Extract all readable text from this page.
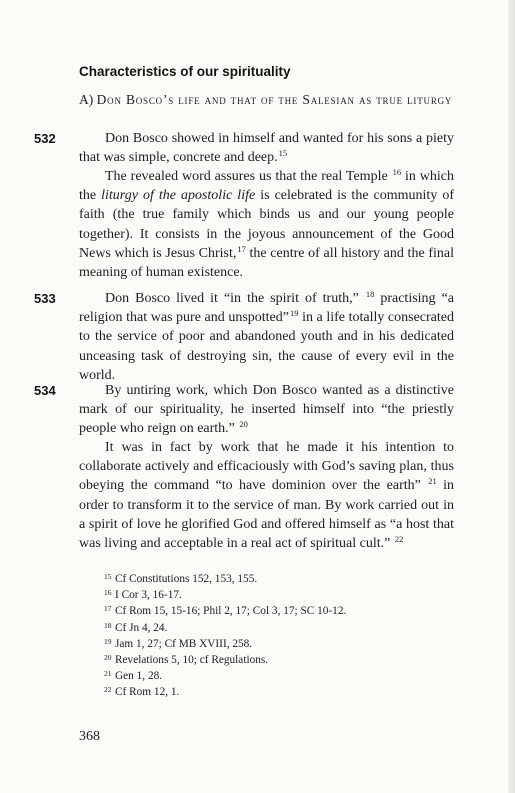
Characteristics of our spirituality
A) Don Bosco’s life and that of the Salesian as true liturgy
532	Don Bosco showed in himself and wanted for his sons a piety that was simple, concrete and deep.$^{15}$

The revealed word assures us that the real Temple $^{16}$ in which the liturgy of the apostolic life is celebrated is the community of faith (the true family which binds us and our young people together). It consists in the joyous announcement of the Good News which is Jesus Christ,$^{17}$ the centre of all history and the final meaning of human existence.

533	Don Bosco lived it “in the spirit of truth,” $^{18}$ practising “a religion that was pure and unspotted”$^{19}$ in a life totally consecrated to the service of poor and abandoned youth and in his dedicated unceasing task of destroying sin, the cause of every evil in the world.

534	By untiring work, which Don Bosco wanted as a distinctive mark of our spirituality, he inserted himself into “the priestly people who reign on earth.” $^{20}$

It was in fact by work that he made it his intention to collaborate actively and efficaciously with God’s saving plan, thus obeying the command “to have dominion over the earth” $^{21}$ in order to transform it to the service of man. By work carried out in a spirit of love he glorified God and offered himself as “a host that was living and acceptable in a real act of spiritual cult.” $^{22}$

15 Cf Constitutions 152, 153, 155.
16 I Cor 3, 16-17.
17 Cf Rom 15, 15-16; Phil 2, 17; Col 3, 17; SC 10-12.
18 Cf Jn 4, 24.
19 Jam 1, 27; Cf MB XVIII, 258.
20 Revelations 5, 10; cf Regulations.
21 Gen 1, 28.
22 Cf Rom 12, 1.
368
